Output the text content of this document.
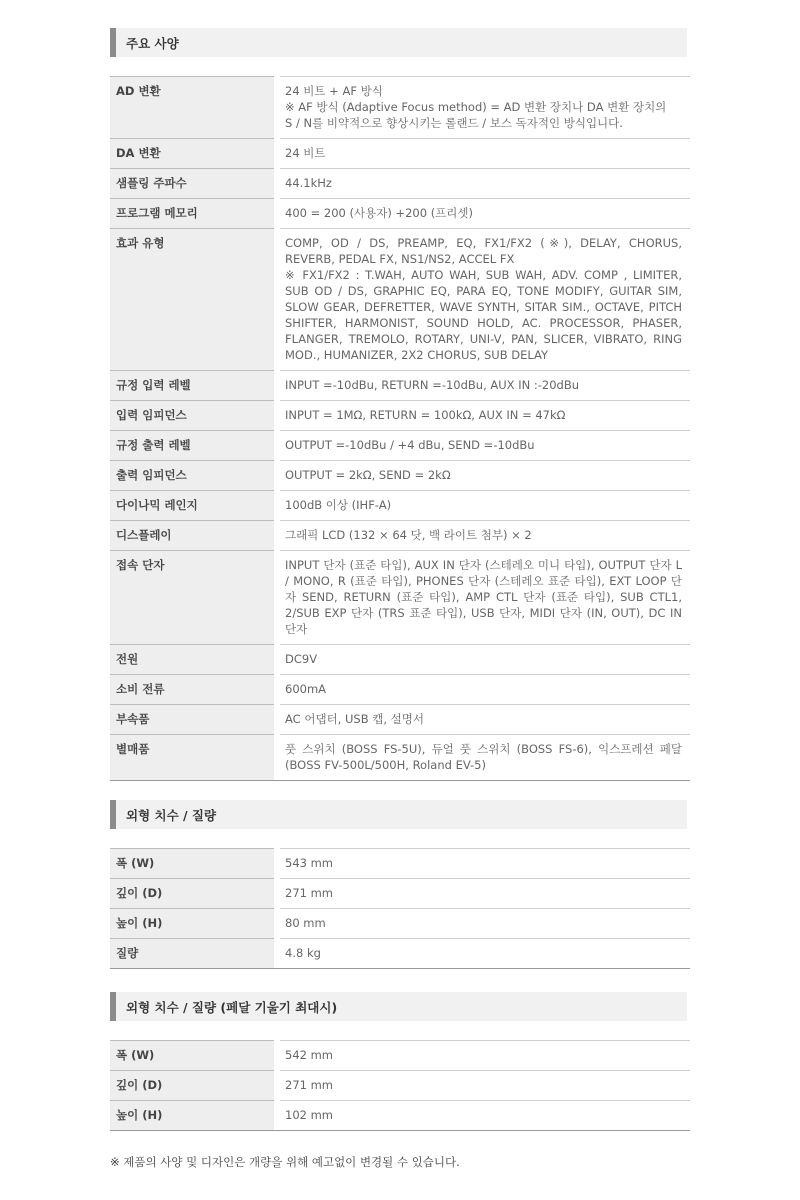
주요 사양
AD 변환		24 비트 + AF 방식
※ AF 방식 (Adaptive Focus method) = AD 변환 장치나 DA 변환 장치의
S / N를 비약적으로 향상시키는 롤랜드 / 보스 독자적인 방식입니다.

DA 변환		24 비트

샘플링 주파수		44.1kHz

프로그램 메모리		400 = 200 (사용자) +200 (프리셋)

효과 유형		COMP, OD / DS, PREAMP, EQ, FX1/FX2 (※), DELAY, CHORUS, REVERB, PEDAL FX, NS1/NS2, ACCEL FX
※ FX1/FX2 : T.WAH, AUTO WAH, SUB WAH, ADV. COMP , LIMITER, SUB OD / DS, GRAPHIC EQ, PARA EQ, TONE MODIFY, GUITAR SIM, SLOW GEAR, DEFRETTER, WAVE SYNTH, SITAR SIM., OCTAVE, PITCH SHIFTER, HARMONIST, SOUND HOLD, AC. PROCESSOR, PHASER, FLANGER, TREMOLO, ROTARY, UNI-V, PAN, SLICER, VIBRATO, RING MOD., HUMANIZER, 2X2 CHORUS, SUB DELAY

규정 입력 레벨		INPUT =-10dBu, RETURN =-10dBu, AUX IN :-20dBu

입력 임피던스		INPUT = 1MΩ, RETURN = 100kΩ, AUX IN = 47kΩ

규정 출력 레벨		OUTPUT =-10dBu / +4 dBu, SEND =-10dBu

출력 임피던스		OUTPUT = 2kΩ, SEND = 2kΩ

다이나믹 레인지		100dB 이상 (IHF-A)

디스플레이		그래픽 LCD (132 × 64 닷, 백 라이트 첨부) × 2

접속 단자		INPUT 단자 (표준 타입), AUX IN 단자 (스테레오 미니 타입), OUTPUT 단자 L / MONO, R (표준 타입), PHONES 단자 (스테레오 표준 타입), EXT LOOP 단자 SEND, RETURN (표준 타입), AMP CTL 단자 (표준 타입), SUB CTL1, 2/SUB EXP 단자 (TRS 표준 타입), USB 단자, MIDI 단자 (IN, OUT), DC IN 단자

전원		DC9V

소비 전류		600mA

부속품		AC 어댑터, USB 캡, 설명서

별매품		풋 스위치 (BOSS FS-5U), 듀얼 풋 스위치 (BOSS FS-6), 익스프레션 페달 (BOSS FV-500L/500H, Roland EV-5)
외형 치수 / 질량
폭 (W)		543 mm

깊이 (D)		271 mm

높이 (H)		80 mm

질량		4.8 kg
외형 치수 / 질량 (페달 기울기 최대시)
폭 (W)		542 mm

깊이 (D)		271 mm

높이 (H)		102 mm
※ 제품의 사양 및 디자인은 개량을 위해 예고없이 변경될 수 있습니다.
